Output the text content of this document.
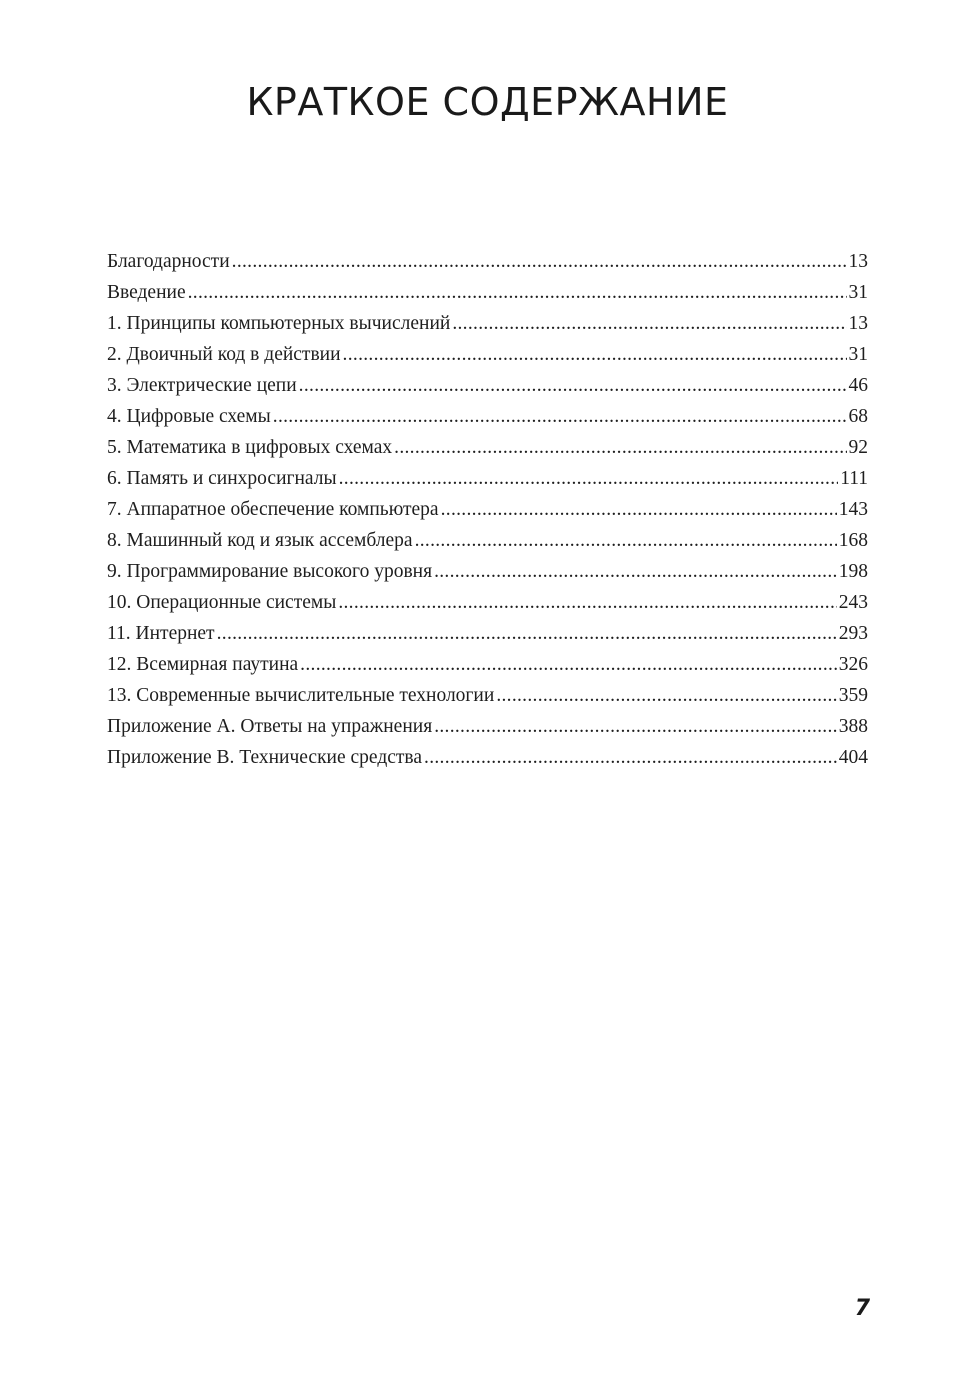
КРАТКОЕ СОДЕРЖАНИЕ
Благодарности .....	13
Введение .....	31
1. Принципы компьютерных вычислений .....	13
2. Двоичный код в действии .....	31
3. Электрические цепи .....	46
4. Цифровые схемы .....	68
5. Математика в цифровых схемах .....	92
6. Память и синхросигналы .....	111
7. Аппаратное обеспечение компьютера .....	143
8. Машинный код и язык ассемблера .....	168
9. Программирование высокого уровня .....	198
10. Операционные системы .....	243
11. Интернет .....	293
12. Всемирная паутина .....	326
13. Современные вычислительные технологии .....	359
Приложение А. Ответы на упражнения .....	388
Приложение B. Технические средства .....	404
7
